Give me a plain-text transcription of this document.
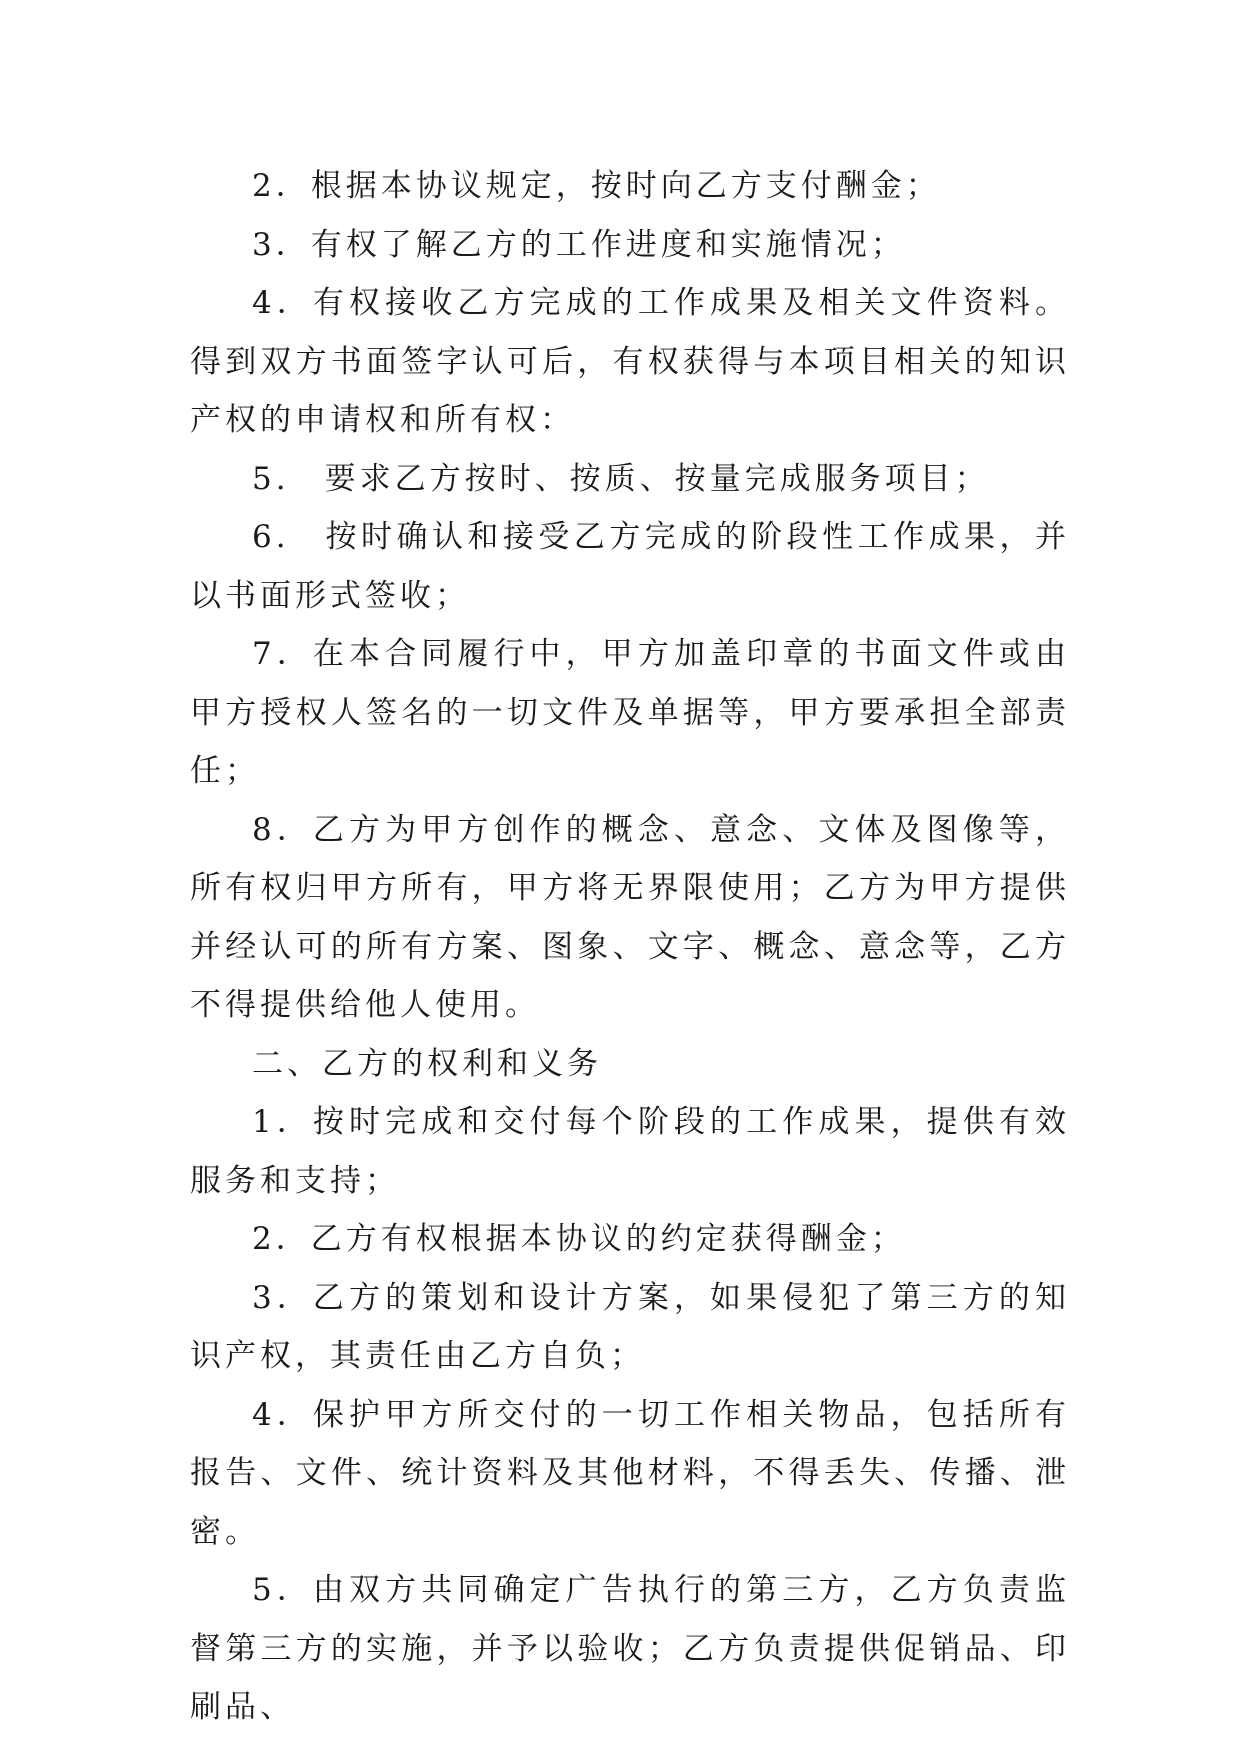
2．根据本协议规定，按时向乙方支付酬金；

3．有权了解乙方的工作进度和实施情况；

4．有权接收乙方完成的工作成果及相关文件资料。得到双方书面签字认可后，有权获得与本项目相关的知识产权的申请权和所有权：

5.　要求乙方按时、按质、按量完成服务项目；

6.　按时确认和接受乙方完成的阶段性工作成果，并以书面形式签收；

7．在本合同履行中，甲方加盖印章的书面文件或由甲方授权人签名的一切文件及单据等，甲方要承担全部责任；

8．乙方为甲方创作的概念、意念、文体及图像等，所有权归甲方所有，甲方将无界限使用；乙方为甲方提供并经认可的所有方案、图象、文字、概念、意念等，乙方不得提供给他人使用。

二、乙方的权利和义务

1．按时完成和交付每个阶段的工作成果，提供有效服务和支持；

2．乙方有权根据本协议的约定获得酬金；

3．乙方的策划和设计方案，如果侵犯了第三方的知识产权，其责任由乙方自负；

4．保护甲方所交付的一切工作相关物品，包括所有报告、文件、统计资料及其他材料，不得丢失、传播、泄密。

5．由双方共同确定广告执行的第三方，乙方负责监督第三方的实施，并予以验收；乙方负责提供促销品、印刷品、
